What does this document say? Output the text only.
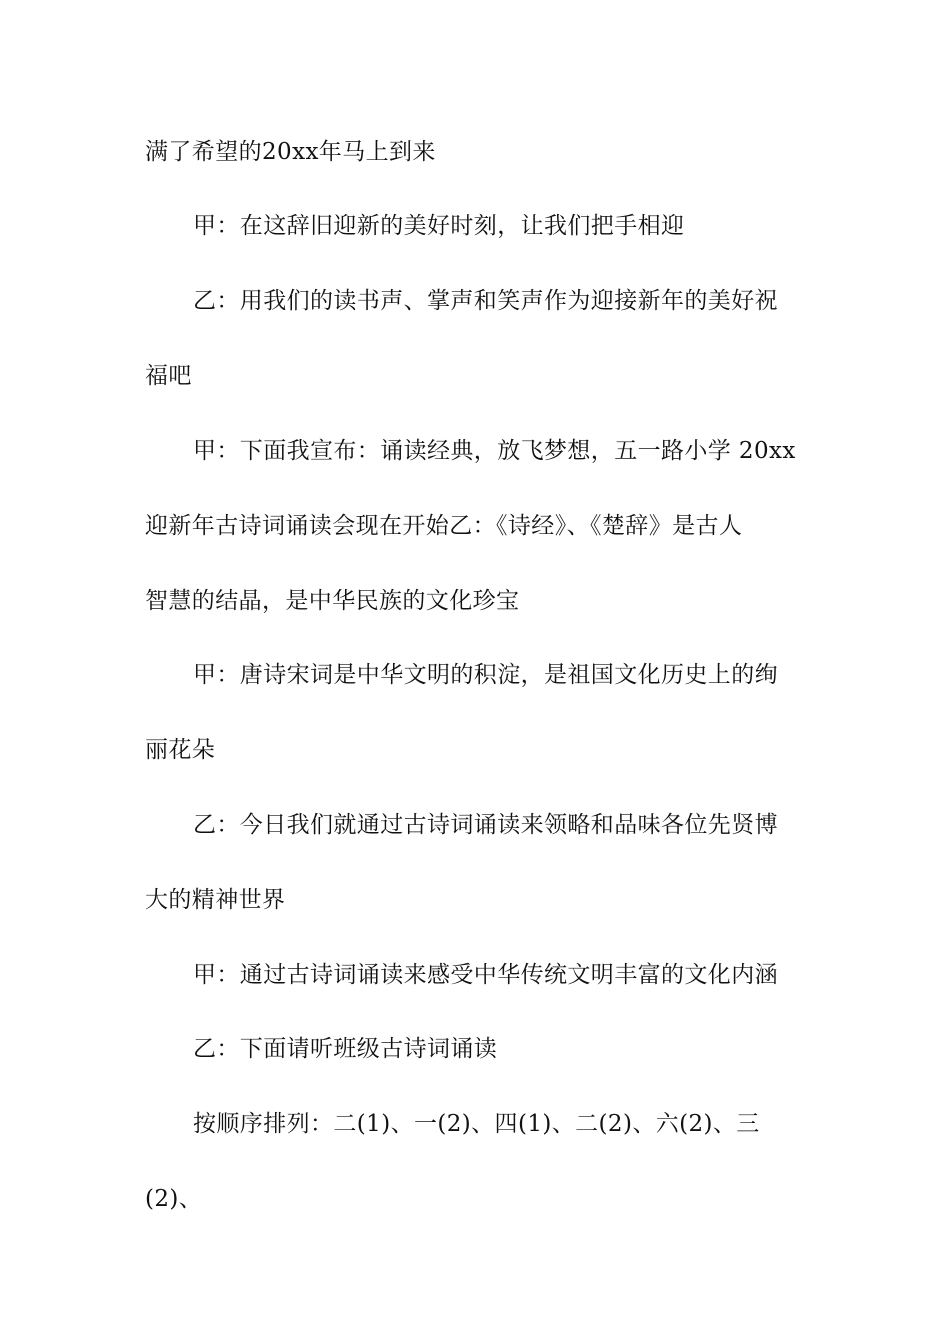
满了希望的20xx年马上到来

甲：在这辞旧迎新的美好时刻，让我们把手相迎

乙：用我们的读书声、掌声和笑声作为迎接新年的美好祝

福吧

甲：下面我宣布：诵读经典，放飞梦想，五一路小学 20xx

迎新年古诗词诵读会现在开始乙：《诗经》、《楚辞》是古人

智慧的结晶，是中华民族的文化珍宝

甲：唐诗宋词是中华文明的积淀，是祖国文化历史上的绚

丽花朵

乙：今日我们就通过古诗词诵读来领略和品味各位先贤博

大的精神世界

甲：通过古诗词诵读来感受中华传统文明丰富的文化内涵

乙：下面请听班级古诗词诵读

按顺序排列：二(1)、一(2)、四(1)、二(2)、六(2)、三

(2)、
